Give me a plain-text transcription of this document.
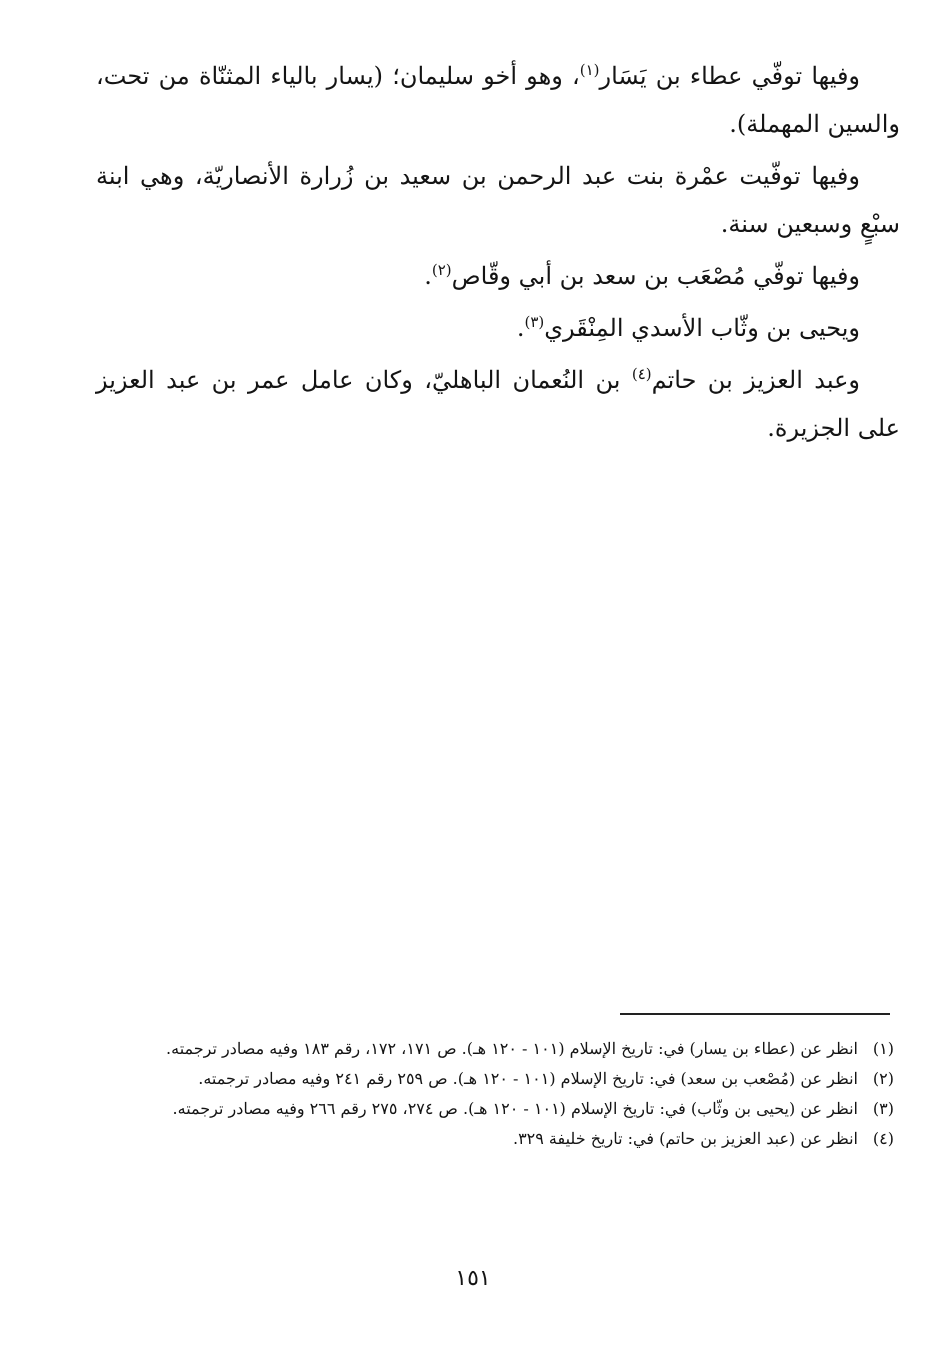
وفيها توفّي عطاء بن يَسَار$^{(١)}$، وهو أخو سليمان؛ (يسار بالياء المثنّاة من تحت، والسين المهملة).

وفيها توفّيت عمْرة بنت عبد الرحمن بن سعيد بن زُرارة الأنصاريّة، وهي ابنة سبْعٍ وسبعين سنة.

وفيها توفّي مُصْعَب بن سعد بن أبي وقّاص$^{(٢)}$.

ويحيى بن وثّاب الأسدي المِنْقَري$^{(٣)}$.

وعبد العزيز بن حاتم$^{(٤)}$ بن النُعمان الباهليّ، وكان عامل عمر بن عبد العزيز على الجزيرة.

(١)
انظر عن (عطاء بن يسار) في: تاريخ الإسلام (١٠١ - ١٢٠ هـ). ص ١٧١، ١٧٢، رقم ١٨٣ وفيه مصادر ترجمته.
(٢)
انظر عن (مُصْعب بن سعد) في: تاريخ الإسلام (١٠١ - ١٢٠ هـ). ص ٢٥٩ رقم ٢٤١ وفيه مصادر ترجمته.
(٣)
انظر عن (يحيى بن وثّاب) في: تاريخ الإسلام (١٠١ - ١٢٠ هـ). ص ٢٧٤، ٢٧٥ رقم ٢٦٦ وفيه مصادر ترجمته.
(٤)
انظر عن (عبد العزيز بن حاتم) في: تاريخ خليفة ٣٢٩.
١٥١
